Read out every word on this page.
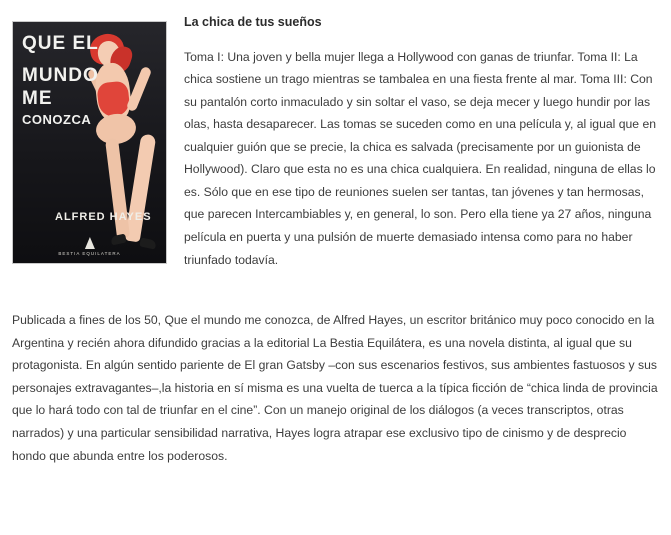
QUE EL
MUNDO
ME
CONOZCA
ALFRED HAYES
BESTIA EQUILATERA
La chica de tus sueños

Toma I: Una joven y bella mujer llega a Hollywood con ganas de triunfar. Toma II: La chica sostiene un trago mientras se tambalea en una fiesta frente al mar. Toma III: Con su pantalón corto inmaculado y sin soltar el vaso, se deja mecer y luego hundir por las olas, hasta desaparecer. Las tomas se suceden como en una película y, al igual que en cualquier guión que se precie, la chica es salvada (precisamente por un guionista de Hollywood). Claro que esta no es una chica cualquiera. En realidad, ninguna de ellas lo es. Sólo que en ese tipo de reuniones suelen ser tantas, tan jóvenes y tan hermosas, que parecen Intercambiables y, en general, lo son. Pero ella tiene ya 27 años, ninguna película en puerta y una pulsión de muerte demasiado intensa como para no haber triunfado todavía.

Publicada a fines de los 50, Que el mundo me conozca, de Alfred Hayes, un escritor británico muy poco conocido en la Argentina y recién ahora difundido gracias a la editorial La Bestia Equilátera, es una novela distinta, al igual que su protagonista. En algún sentido pariente de El gran Gatsby –con sus escenarios festivos, sus ambientes fastuosos y sus personajes extravagantes–,la historia en sí misma es una vuelta de tuerca a la típica ficción de “chica linda de provincia que lo hará todo con tal de triunfar en el cine”. Con un manejo original de los diálogos (a veces transcriptos, otras narrados) y una particular sensibilidad narrativa, Hayes logra atrapar ese exclusivo tipo de cinismo y de desprecio hondo que abunda entre los poderosos.
